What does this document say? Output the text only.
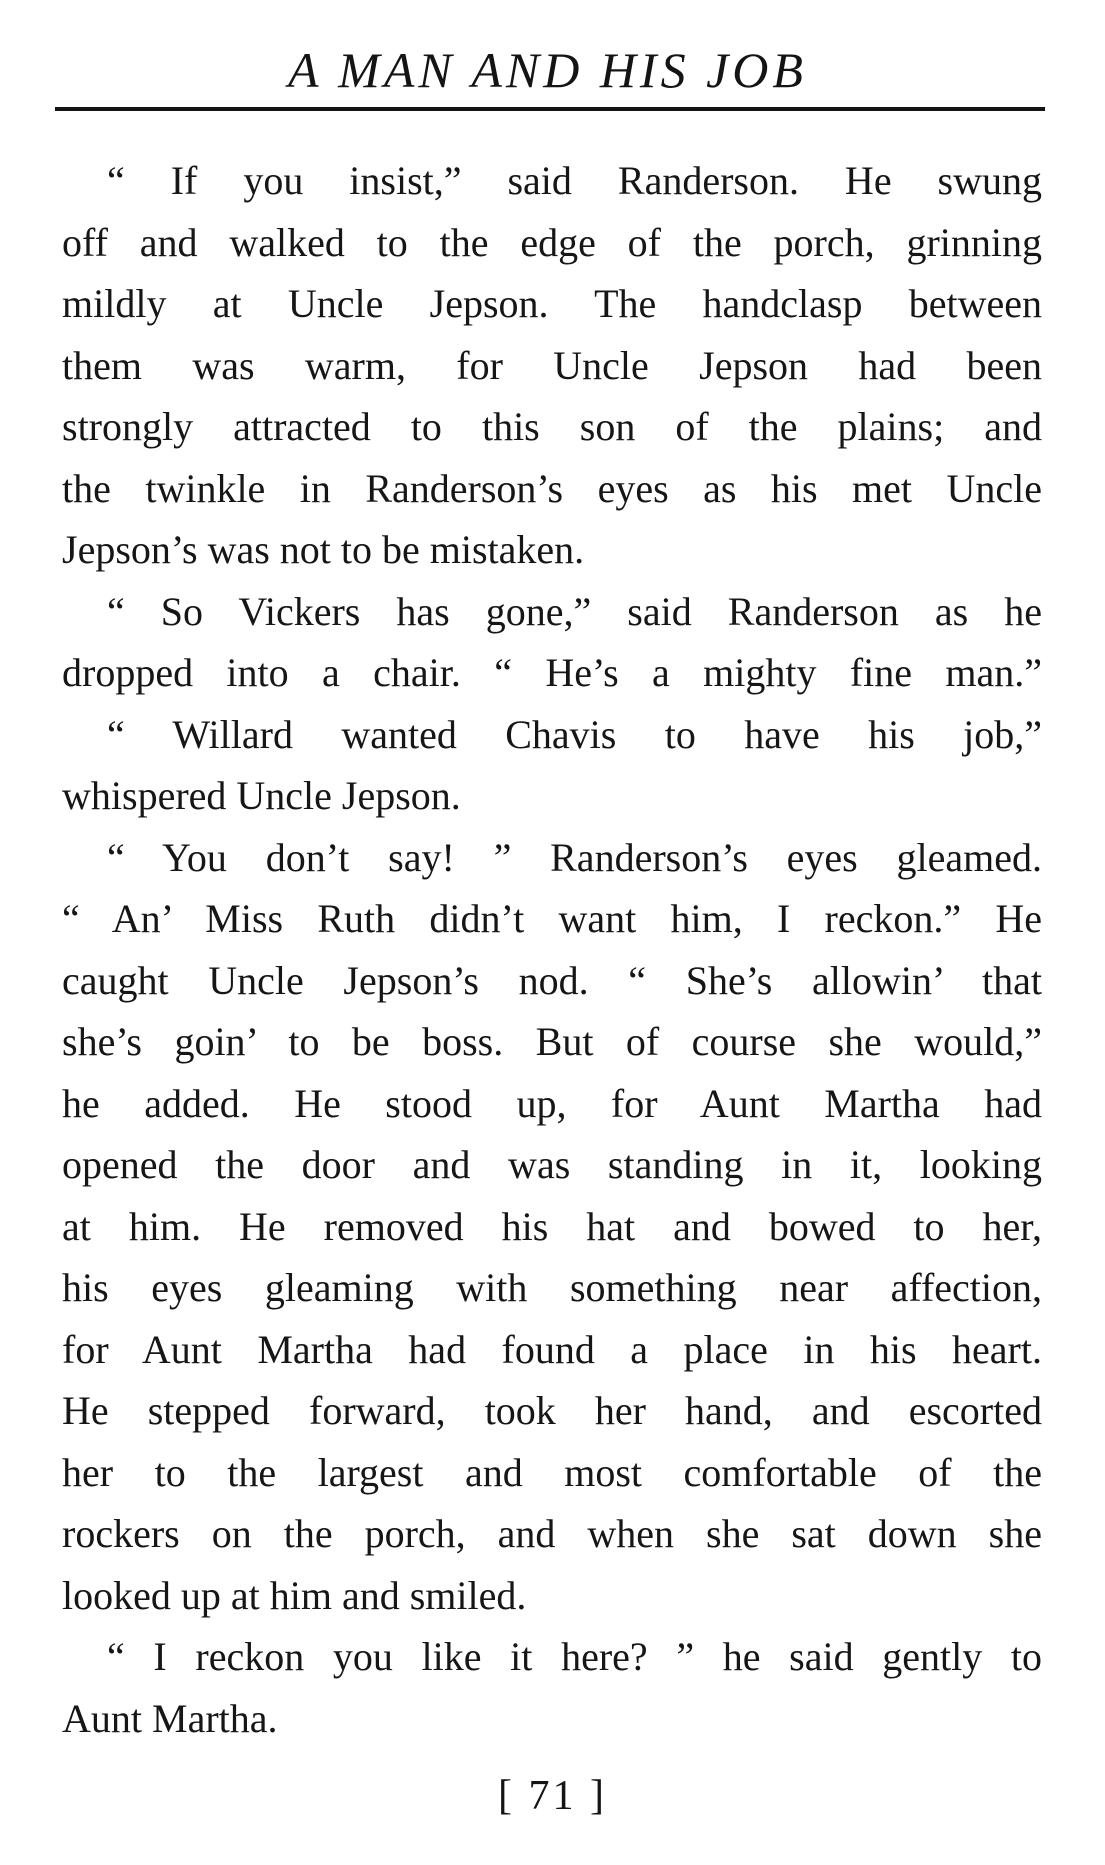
A MAN AND HIS JOB

“ If you insist,” said Randerson. He swung
off and walked to the edge of the porch, grinning
mildly at Uncle Jepson. The handclasp between
them was warm, for Uncle Jepson had been
strongly attracted to this son of the plains; and
the twinkle in Randerson’s eyes as his met Uncle
Jepson’s was not to be mistaken.

“ So Vickers has gone,” said Randerson as he
dropped into a chair. “ He’s a mighty fine man.”

“ Willard wanted Chavis to have his job,”
whispered Uncle Jepson.

“ You don’t say! ” Randerson’s eyes gleamed.
“ An’ Miss Ruth didn’t want him, I reckon.” He
caught Uncle Jepson’s nod. “ She’s allowin’ that
she’s goin’ to be boss. But of course she would,”
he added. He stood up, for Aunt Martha had
opened the door and was standing in it, looking
at him. He removed his hat and bowed to her,
his eyes gleaming with something near affection,
for Aunt Martha had found a place in his heart.
He stepped forward, took her hand, and escorted
her to the largest and most comfortable of the
rockers on the porch, and when she sat down she
looked up at him and smiled.

“ I reckon you like it here? ” he said gently to
Aunt Martha.

[ 71 ]
